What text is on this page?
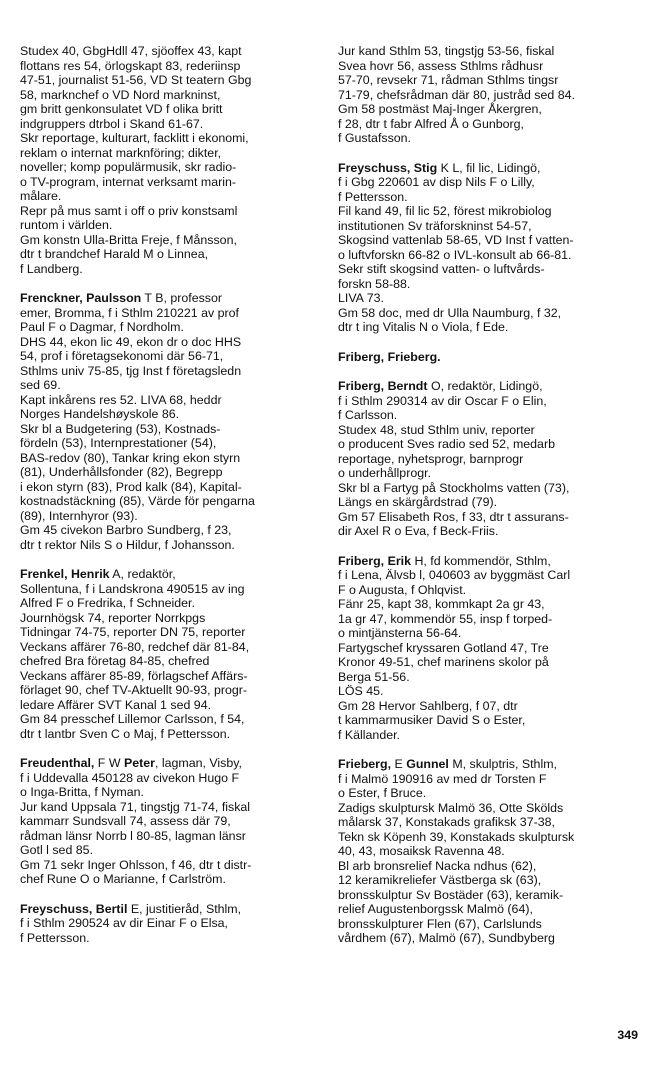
Studex 40, GbgHdll 47, sjöoffex 43, kapt
flottans res 54, örlogskapt 83, rederiinsp
47-51, journalist 51-56, VD St teatern Gbg
58, marknchef o VD Nord markninst,
gm britt genkonsulatet VD f olika britt
indgruppers dtrbol i Skand 61-67.
Skr reportage, kulturart, facklitt i ekonomi,
reklam o internat marknföring; dikter,
noveller; komp populärmusik, skr radio-
o TV-program, internat verksamt marin-
målare.
Repr på mus samt i off o priv konstsaml
runtom i världen.
Gm konstn Ulla-Britta Freje, f Månsson,
dtr t brandchef Harald M o Linnea,
f Landberg.
Frenckner, Paulsson T B, professor
emer, Bromma, f i Sthlm 210221 av prof
Paul F o Dagmar, f Nordholm.
DHS 44, ekon lic 49, ekon dr o doc HHS
54, prof i företagsekonomi där 56-71,
Sthlms univ 75-85, tjg Inst f företagsledn
sed 69.
Kapt inkårens res 52. LIVA 68, heddr
Norges Handelshøyskole 86.
Skr bl a Budgetering (53), Kostnads-
fördeln (53), Internprestationer (54),
BAS-redov (80), Tankar kring ekon styrn
(81), Underhållsfonder (82), Begrepp
i ekon styrn (83), Prod kalk (84), Kapital-
kostnadstäckning (85), Värde för pengarna
(89), Internhyror (93).
Gm 45 civekon Barbro Sundberg, f 23,
dtr t rektor Nils S o Hildur, f Johansson.
Frenkel, Henrik A, redaktör,
Sollentuna, f i Landskrona 490515 av ing
Alfred F o Fredrika, f Schneider.
Journhögsk 74, reporter Norrkpgs
Tidningar 74-75, reporter DN 75, reporter
Veckans affärer 76-80, redchef där 81-84,
chefred Bra företag 84-85, chefred
Veckans affärer 85-89, förlagschef Affärs-
förlaget 90, chef TV-Aktuellt 90-93, progr-
ledare Affärer SVT Kanal 1 sed 94.
Gm 84 presschef Lillemor Carlsson, f 54,
dtr t lantbr Sven C o Maj, f Pettersson.
Freudenthal, F W Peter, lagman, Visby,
f i Uddevalla 450128 av civekon Hugo F
o Inga-Britta, f Nyman.
Jur kand Uppsala 71, tingstjg 71-74, fiskal
kammarr Sundsvall 74, assess där 79,
rådman länsr Norrb l 80-85, lagman länsr
Gotl l sed 85.
Gm 71 sekr Inger Ohlsson, f 46, dtr t distr-
chef Rune O o Marianne, f Carlström.
Freyschuss, Bertil E, justitieråd, Sthlm,
f i Sthlm 290524 av dir Einar F o Elsa,
f Pettersson.
Jur kand Sthlm 53, tingstjg 53-56, fiskal
Svea hovr 56, assess Sthlms rådhusr
57-70, revsekr 71, rådman Sthlms tingsr
71-79, chefsrådman där 80, justråd sed 84.
Gm 58 postmäst Maj-Inger Åkergren,
f 28, dtr t fabr Alfred Å o Gunborg,
f Gustafsson.
Freyschuss, Stig K L, fil lic, Lidingö,
f i Gbg 220601 av disp Nils F o Lilly,
f Pettersson.
Fil kand 49, fil lic 52, förest mikrobiolog
institutionen Sv träforskninst 54-57,
Skogsind vattenlab 58-65, VD Inst f vatten-
o luftvforskn 66-82 o IVL-konsult ab 66-81.
Sekr stift skogsind vatten- o luftvårds-
forskn 58-88.
LIVA 73.
Gm 58 doc, med dr Ulla Naumburg, f 32,
dtr t ing Vitalis N o Viola, f Ede.
Friberg, Frieberg.
Friberg, Berndt O, redaktör, Lidingö,
f i Sthlm 290314 av dir Oscar F o Elin,
f Carlsson.
Studex 48, stud Sthlm univ, reporter
o producent Sves radio sed 52, medarb
reportage, nyhetsprogr, barnprogr
o underhållprogr.
Skr bl a Fartyg på Stockholms vatten (73),
Längs en skärgårdstrad (79).
Gm 57 Elisabeth Ros, f 33, dtr t assurans-
dir Axel R o Eva, f Beck-Friis.
Friberg, Erik H, fd kommendör, Sthlm,
f i Lena, Älvsb l, 040603 av byggmäst Carl
F o Augusta, f Ohlqvist.
Fänr 25, kapt 38, kommkapt 2a gr 43,
1a gr 47, kommendör 55, insp f torped-
o mintjänsterna 56-64.
Fartygschef kryssaren Gotland 47, Tre
Kronor 49-51, chef marinens skolor på
Berga 51-56.
LÖS 45.
Gm 28 Hervor Sahlberg, f 07, dtr
t kammarmusiker David S o Ester,
f Källander.
Frieberg, E Gunnel M, skulptris, Sthlm,
f i Malmö 190916 av med dr Torsten F
o Ester, f Bruce.
Zadigs skulptursk Malmö 36, Otte Skölds
målarsk 37, Konstakads grafiksk 37-38,
Tekn sk Köpenh 39, Konstakads skulptursk
40, 43, mosaiksk Ravenna 48.
Bl arb bronsrelief Nacka ndhus (62),
12 keramikreliefer Västberga sk (63),
bronsskulptur Sv Bostäder (63), keramik-
relief Augustenborgssk Malmö (64),
bronsskulpturer Flen (67), Carlslunds
vårdhem (67), Malmö (67), Sundbyberg
349
